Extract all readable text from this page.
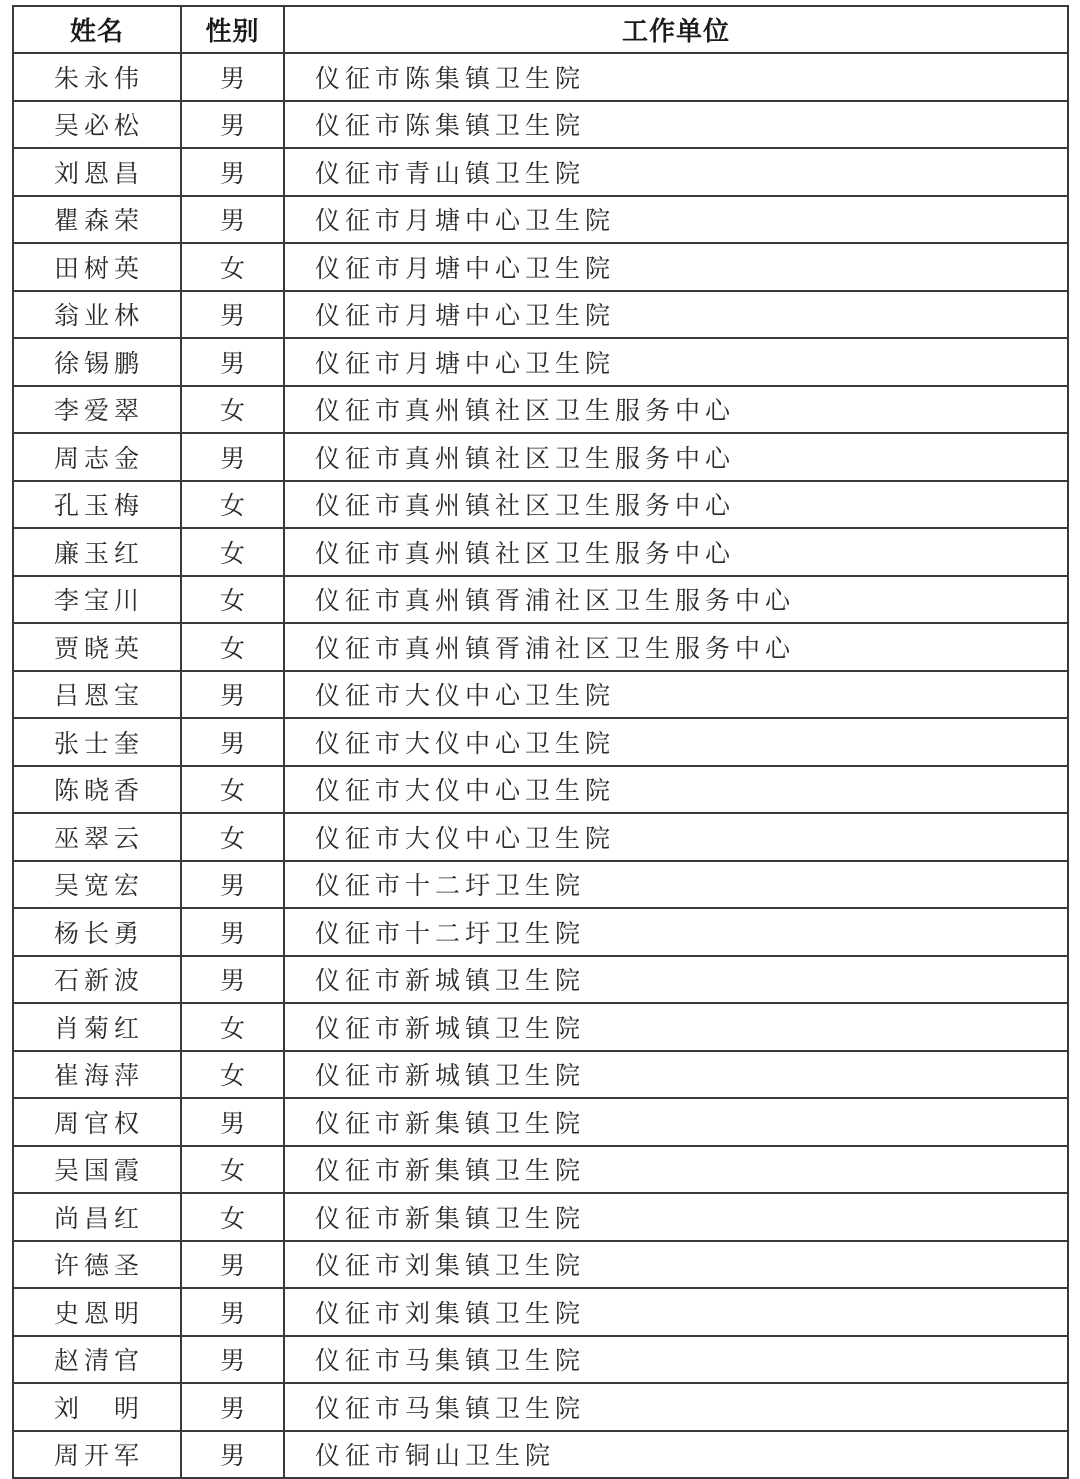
姓名	性别	工作单位
朱永伟	男	仪征市陈集镇卫生院
吴必松	男	仪征市陈集镇卫生院
刘恩昌	男	仪征市青山镇卫生院
瞿森荣	男	仪征市月塘中心卫生院
田树英	女	仪征市月塘中心卫生院
翁业林	男	仪征市月塘中心卫生院
徐锡鹏	男	仪征市月塘中心卫生院
李爱翠	女	仪征市真州镇社区卫生服务中心
周志金	男	仪征市真州镇社区卫生服务中心
孔玉梅	女	仪征市真州镇社区卫生服务中心
廉玉红	女	仪征市真州镇社区卫生服务中心
李宝川	女	仪征市真州镇胥浦社区卫生服务中心
贾晓英	女	仪征市真州镇胥浦社区卫生服务中心
吕恩宝	男	仪征市大仪中心卫生院
张士奎	男	仪征市大仪中心卫生院
陈晓香	女	仪征市大仪中心卫生院
巫翠云	女	仪征市大仪中心卫生院
吴宽宏	男	仪征市十二圩卫生院
杨长勇	男	仪征市十二圩卫生院
石新波	男	仪征市新城镇卫生院
肖菊红	女	仪征市新城镇卫生院
崔海萍	女	仪征市新城镇卫生院
周官权	男	仪征市新集镇卫生院
吴国霞	女	仪征市新集镇卫生院
尚昌红	女	仪征市新集镇卫生院
许德圣	男	仪征市刘集镇卫生院
史恩明	男	仪征市刘集镇卫生院
赵清官	男	仪征市马集镇卫生院
刘　明	男	仪征市马集镇卫生院
周开军	男	仪征市铜山卫生院
